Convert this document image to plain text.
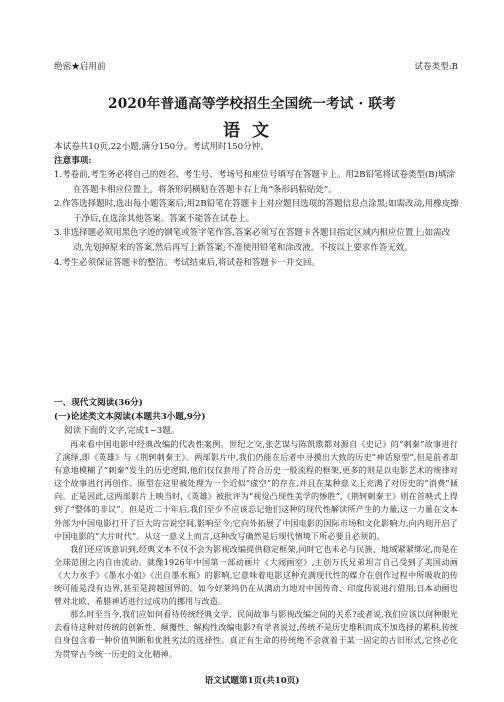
绝密★启用前	试卷类型:B
2020年普通高等学校招生全国统一考试 · 联考
语文
本试卷共10页,22小题,满分150分。考试用时150分钟。
注意事项:

1.考卷前,考生务必将自己的姓名、考生号、考场号和座位号填写在答题卡上。用2B铅笔将试卷类型(B)填涂在答题卡相应位置上。将条形码横贴在答题卡右上角“条形码粘贴处”。

2.作答选择题时,选出每小题答案后,用2B铅笔在答题卡上对应题目选项的答题信息点涂黑;如需改动,用橡皮擦干净后,在选涂其他答案。答案不能答在试卷上。

3.非选择题必须用黑色字迹的钢笔或签字笔作答,答案必须写在答题卡各题目指定区域内相应位置上;如需改动,先划掉原来的答案,然后再写上新答案;不准使用铅笔和涂改液。不按以上要求作答无效。

4.考生必须保证答题卡的整洁。考试结束后,将试卷和答题卡一并交回。

一、现代文阅读(36分)
(一)论述类文本阅读(本题共3小题,9分)
阅读下面的文字,完成1~3题。

再来看中国电影中经典改编的代表性案例。世纪之交,张艺谋与陈凯歌都对源自《史记》的“刺秦”故事进行了演绎,即《英雄》与《荆轲刺秦王》。两部影片中,我们仍能在后者中寻摸出大致的历史“神话原型”,但是前者却有意地模糊了“刺秦”发生的历史逻辑,他们仅仅套用了符合历史一般流程的框架,更多的则是以电影艺术的规律对这个故事进行再创作。原型在这里被处理为一个近似“虚空”的存在,并且在某种意义上充满了对历史的“消费”倾向。正是因此,这两部影片上映当时,《英雄》被批评为“视觉凸现性美学的惨胜”,《荆轲刺秦王》则在首映式上得到了“整体的非议”。但是近二十年后,我们至少不应该忘记他们这种的现代性解读所产生的力量,这一力量在文本外部为中国电影打开了巨大的言说空间,影响至今;它向外拓展了中国电影的国际市场和文化影响力,向内则开启了中国电影的“大片时代”。从这一意义上而言,这种改写确然是后现代情境下所必要且必须的。

我们还应该意识到,经典文本不仅不会为影视改编提供稳定框架,同时它也未必与民族、地域紧紧绑定,而是在全球范围之内自由流动。就像1926年中国第一部动画片《大闹画室》,主创万氏兄弟坦言自己受到了美国动画《大力水手》《墨水小姐》《出自墨水瓶》的影响,它意味着电影这种充满现代性的媒介在创作过程中所吸收的传统可能是没有边界,甚至是跨越国界的。如今好莱坞仍在从满动力地对中国传奇、印度传说进行借用,日本动画也曾对北欧、希腊神话进行过成功的挪用与改造。

那么时至当今,我们应如何看待传统经典文学、民间故事与影视改编之间的关系?或者说,我们应该以何种眼光去看待这种对传统的创新性、颠覆性、解构性改编电影?有学者说过,传统不是历史堆积而成不加选择的累积,传统自身包含着一种价值判断和优胜劣汰的选择性。真正有生命的传统绝不会就着于某一固定的古旧形式,它终必化为贯穿古今统一历史的文化精神。

语文试题第1页(共10页)
